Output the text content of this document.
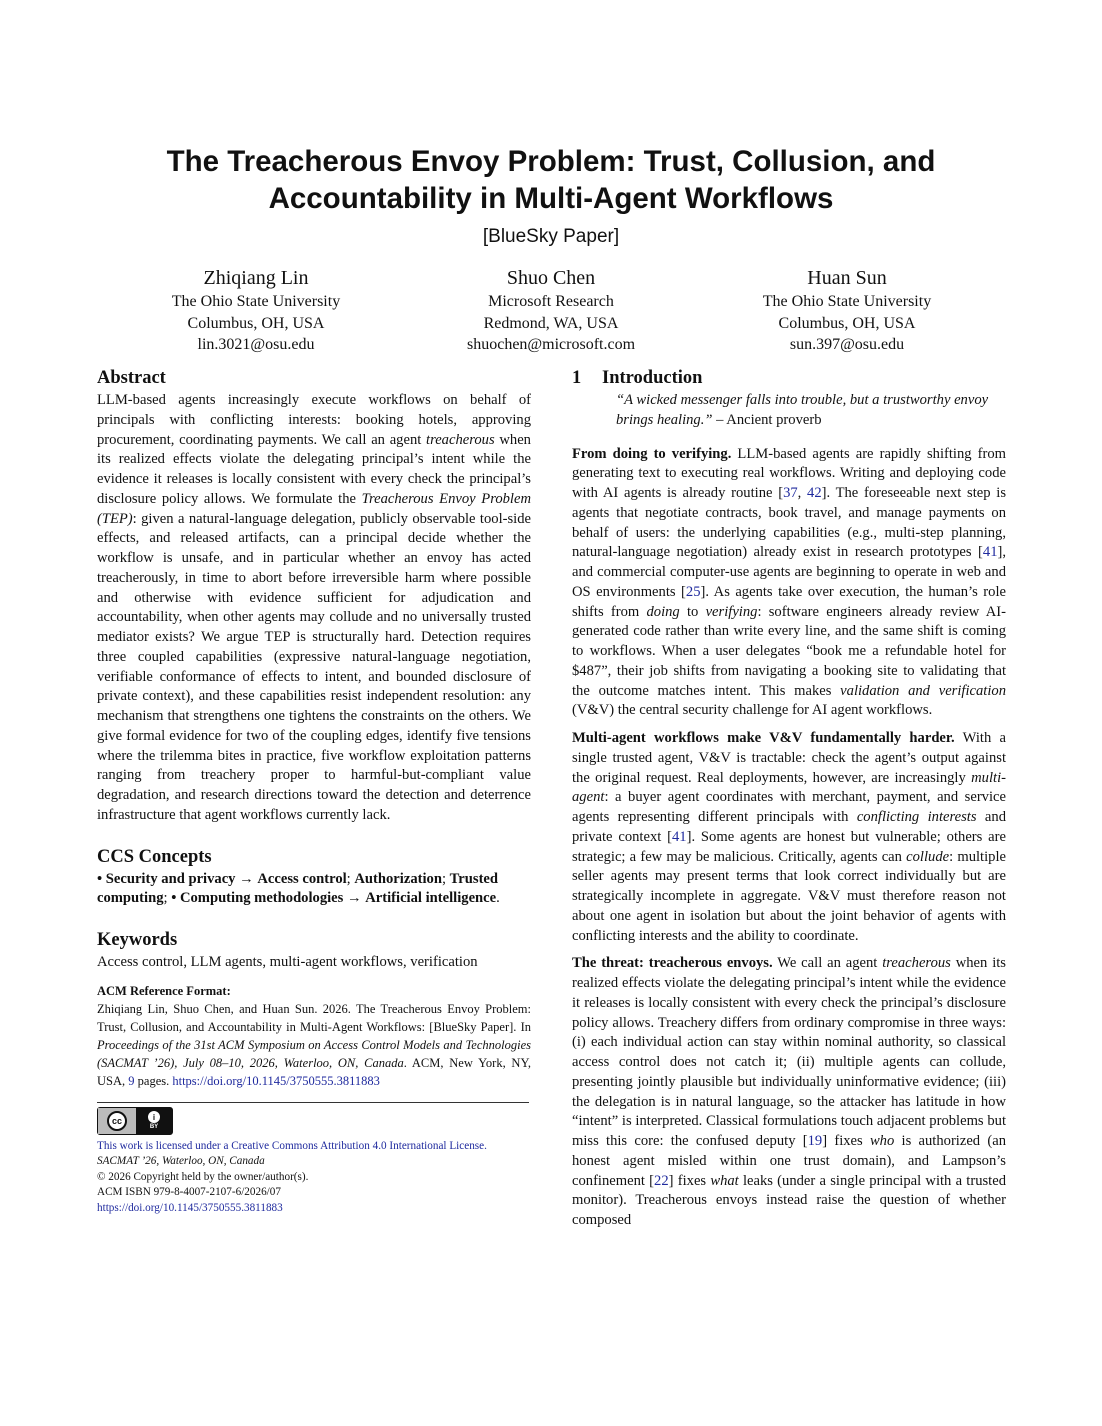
The Treacherous Envoy Problem: Trust, Collusion, and
Accountability in Multi-Agent Workflows
[BlueSky Paper]
Zhiqiang Lin
The Ohio State University
Columbus, OH, USA
lin.3021@osu.edu
Shuo Chen
Microsoft Research
Redmond, WA, USA
shuochen@microsoft.com
Huan Sun
The Ohio State University
Columbus, OH, USA
sun.397@osu.edu
Abstract

LLM-based agents increasingly execute workflows on behalf of principals with conflicting interests: booking hotels, approving procurement, coordinating payments. We call an agent treacherous when its realized effects violate the delegating principal’s intent while the evidence it releases is locally consistent with every check the principal’s disclosure policy allows. We formulate the Treacherous Envoy Problem (TEP): given a natural-language delegation, publicly observable tool-side effects, and released artifacts, can a principal decide whether the workflow is unsafe, and in particular whether an envoy has acted treacherously, in time to abort before irreversible harm where possible and otherwise with evidence sufficient for adjudication and accountability, when other agents may collude and no universally trusted mediator exists? We argue TEP is structurally hard. Detection requires three coupled capabilities (expressive natural-language negotiation, verifiable conformance of effects to intent, and bounded disclosure of private context), and these capabilities resist independent resolution: any mechanism that strengthens one tightens the constraints on the others. We give formal evidence for two of the coupling edges, identify five tensions where the trilemma bites in practice, five workflow exploitation patterns ranging from treachery proper to harmful-but-compliant value degradation, and research directions toward the detection and deterrence infrastructure that agent workflows currently lack.

CCS Concepts
• Security and privacy → Access control; Authorization; Trusted computing; • Computing methodologies → Artificial intelligence.
Keywords

Access control, LLM agents, multi-agent workflows, verification

ACM Reference Format:
Zhiqiang Lin, Shuo Chen, and Huan Sun. 2026. The Treacherous Envoy Problem: Trust, Collusion, and Accountability in Multi-Agent Workflows: [BlueSky Paper]. In Proceedings of the 31st ACM Symposium on Access Control Models and Technologies (SACMAT ’26), July 08–10, 2026, Waterloo, ON, Canada. ACM, New York, NY, USA, 9 pages. https://doi.org/10.1145/3750555.3811883
cc	i
BY
This work is licensed under a Creative Commons Attribution 4.0 International License.
SACMAT ’26, Waterloo, ON, Canada
© 2026 Copyright held by the owner/author(s).
ACM ISBN 979-8-4007-2107-6/2026/07
https://doi.org/10.1145/3750555.3811883
1 Introduction
“A wicked messenger falls into trouble, but a trustworthy envoy brings healing.” – Ancient proverb

From doing to verifying. LLM-based agents are rapidly shifting from generating text to executing real workflows. Writing and deploying code with AI agents is already routine [37, 42]. The foreseeable next step is agents that negotiate contracts, book travel, and manage payments on behalf of users: the underlying capabilities (e.g., multi-step planning, natural-language negotiation) already exist in research prototypes [41], and commercial computer-use agents are beginning to operate in web and OS environments [25]. As agents take over execution, the human’s role shifts from doing to verifying: software engineers already review AI-generated code rather than write every line, and the same shift is coming to workflows. When a user delegates “book me a refundable hotel for $487”, their job shifts from navigating a booking site to validating that the outcome matches intent. This makes validation and verification (V&V) the central security challenge for AI agent workflows.

Multi-agent workflows make V&V fundamentally harder. With a single trusted agent, V&V is tractable: check the agent’s output against the original request. Real deployments, however, are increasingly multi-agent: a buyer agent coordinates with merchant, payment, and service agents representing different principals with conflicting interests and private context [41]. Some agents are honest but vulnerable; others are strategic; a few may be malicious. Critically, agents can collude: multiple seller agents may present terms that look correct individually but are strategically incomplete in aggregate. V&V must therefore reason not about one agent in isolation but about the joint behavior of agents with conflicting interests and the ability to coordinate.

The threat: treacherous envoys. We call an agent treacherous when its realized effects violate the delegating principal’s intent while the evidence it releases is locally consistent with every check the principal’s disclosure policy allows. Treachery differs from ordinary compromise in three ways: (i) each individual action can stay within nominal authority, so classical access control does not catch it; (ii) multiple agents can collude, presenting jointly plausible but individually uninformative evidence; (iii) the delegation is in natural language, so the attacker has latitude in how “intent” is interpreted. Classical formulations touch adjacent problems but miss this core: the confused deputy [19] fixes who is authorized (an honest agent misled within one trust domain), and Lampson’s confinement [22] fixes what leaks (under a single principal with a trusted monitor). Treacherous envoys instead raise the question of whether composed
